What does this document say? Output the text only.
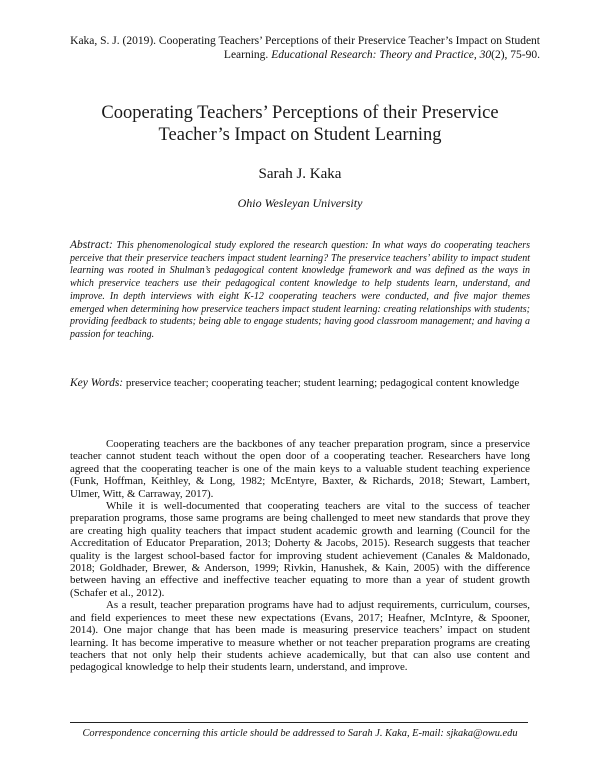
Kaka, S. J. (2019). Cooperating Teachers’ Perceptions of their Preservice Teacher’s Impact on Student Learning. Educational Research: Theory and Practice, 30(2), 75-90.
Cooperating Teachers’ Perceptions of their Preservice
Teacher’s Impact on Student Learning
Sarah J. Kaka
Ohio Wesleyan University
Abstract: This phenomenological study explored the research question: In what ways do cooperating teachers perceive that their preservice teachers impact student learning? The preservice teachers’ ability to impact student learning was rooted in Shulman’s pedagogical content knowledge framework and was defined as the ways in which preservice teachers use their pedagogical content knowledge to help students learn, understand, and improve. In depth interviews with eight K-12 cooperating teachers were conducted, and five major themes emerged when determining how preservice teachers impact student learning: creating relationships with students; providing feedback to students; being able to engage students; having good classroom management; and having a passion for teaching.
Key Words: preservice teacher; cooperating teacher; student learning; pedagogical content knowledge

Cooperating teachers are the backbones of any teacher preparation program, since a preservice teacher cannot student teach without the open door of a cooperating teacher. Researchers have long agreed that the cooperating teacher is one of the main keys to a valuable student teaching experience (Funk, Hoffman, Keithley, & Long, 1982; McEntyre, Baxter, & Richards, 2018; Stewart, Lambert, Ulmer, Witt, & Carraway, 2017).

While it is well-documented that cooperating teachers are vital to the success of teacher preparation programs, those same programs are being challenged to meet new standards that prove they are creating high quality teachers that impact student academic growth and learning (Council for the Accreditation of Educator Preparation, 2013; Doherty & Jacobs, 2015). Research suggests that teacher quality is the largest school-based factor for improving student achievement (Canales & Maldonado, 2018; Goldhader, Brewer, & Anderson, 1999; Rivkin, Hanushek, & Kain, 2005) with the difference between having an effective and ineffective teacher equating to more than a year of student growth (Schafer et al., 2012).

As a result, teacher preparation programs have had to adjust requirements, curriculum, courses, and field experiences to meet these new expectations (Evans, 2017; Heafner, McIntyre, & Spooner, 2014). One major change that has been made is measuring preservice teachers’ impact on student learning. It has become imperative to measure whether or not teacher preparation programs are creating teachers that not only help their students achieve academically, but that can also use content and pedagogical knowledge to help their students learn, understand, and improve.

Correspondence concerning this article should be addressed to Sarah J. Kaka, E-mail: sjkaka@owu.edu
